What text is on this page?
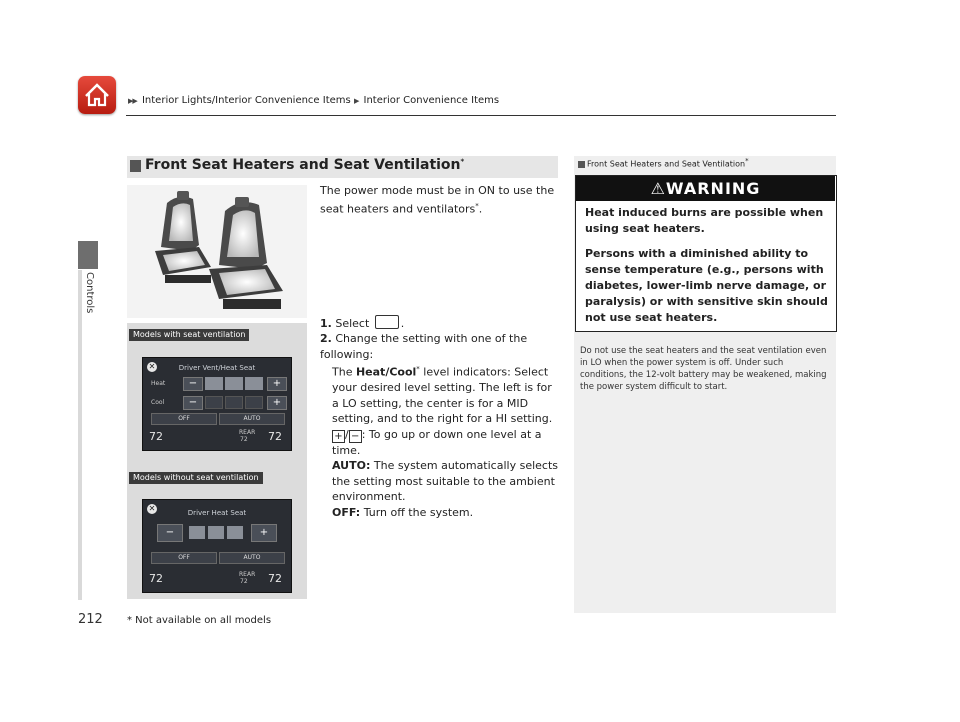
▶▶ Interior Lights/Interior Convenience Items ▶ Interior Convenience Items
Controls
212 * Not available on all models
Front Seat Heaters and Seat Ventilation*
Models with seat ventilation
✕	Driver Vent/Heat Seat
Heat
Cool
−	+
−	+
OFF	AUTO
72	REAR
72 72
Models without seat ventilation
✕	Driver Heat Seat
−	+
OFF	AUTO
72	REAR
72 72

The power mode must be in ON to use the seat heaters and ventilators*.

1. Select	.

2. Change the setting with one of the following:

The Heat/Cool* level indicators: Select your desired level setting. The left is for a LO setting, the center is for a MID setting, and to the right for a HI setting.

+ / − : To go up or down one level at a time.

AUTO: The system automatically selects the setting most suitable to the ambient environment.

OFF: Turn off the system.

Front Seat Heaters and Seat Ventilation*
⚠WARNING

Heat induced burns are possible when using seat heaters.

Persons with a diminished ability to sense temperature (e.g., persons with diabetes, lower-limb nerve damage, or paralysis) or with sensitive skin should not use seat heaters.

Do not use the seat heaters and the seat ventilation even in LO when the power system is off. Under such conditions, the 12-volt battery may be weakened, making the power system difficult to start.
